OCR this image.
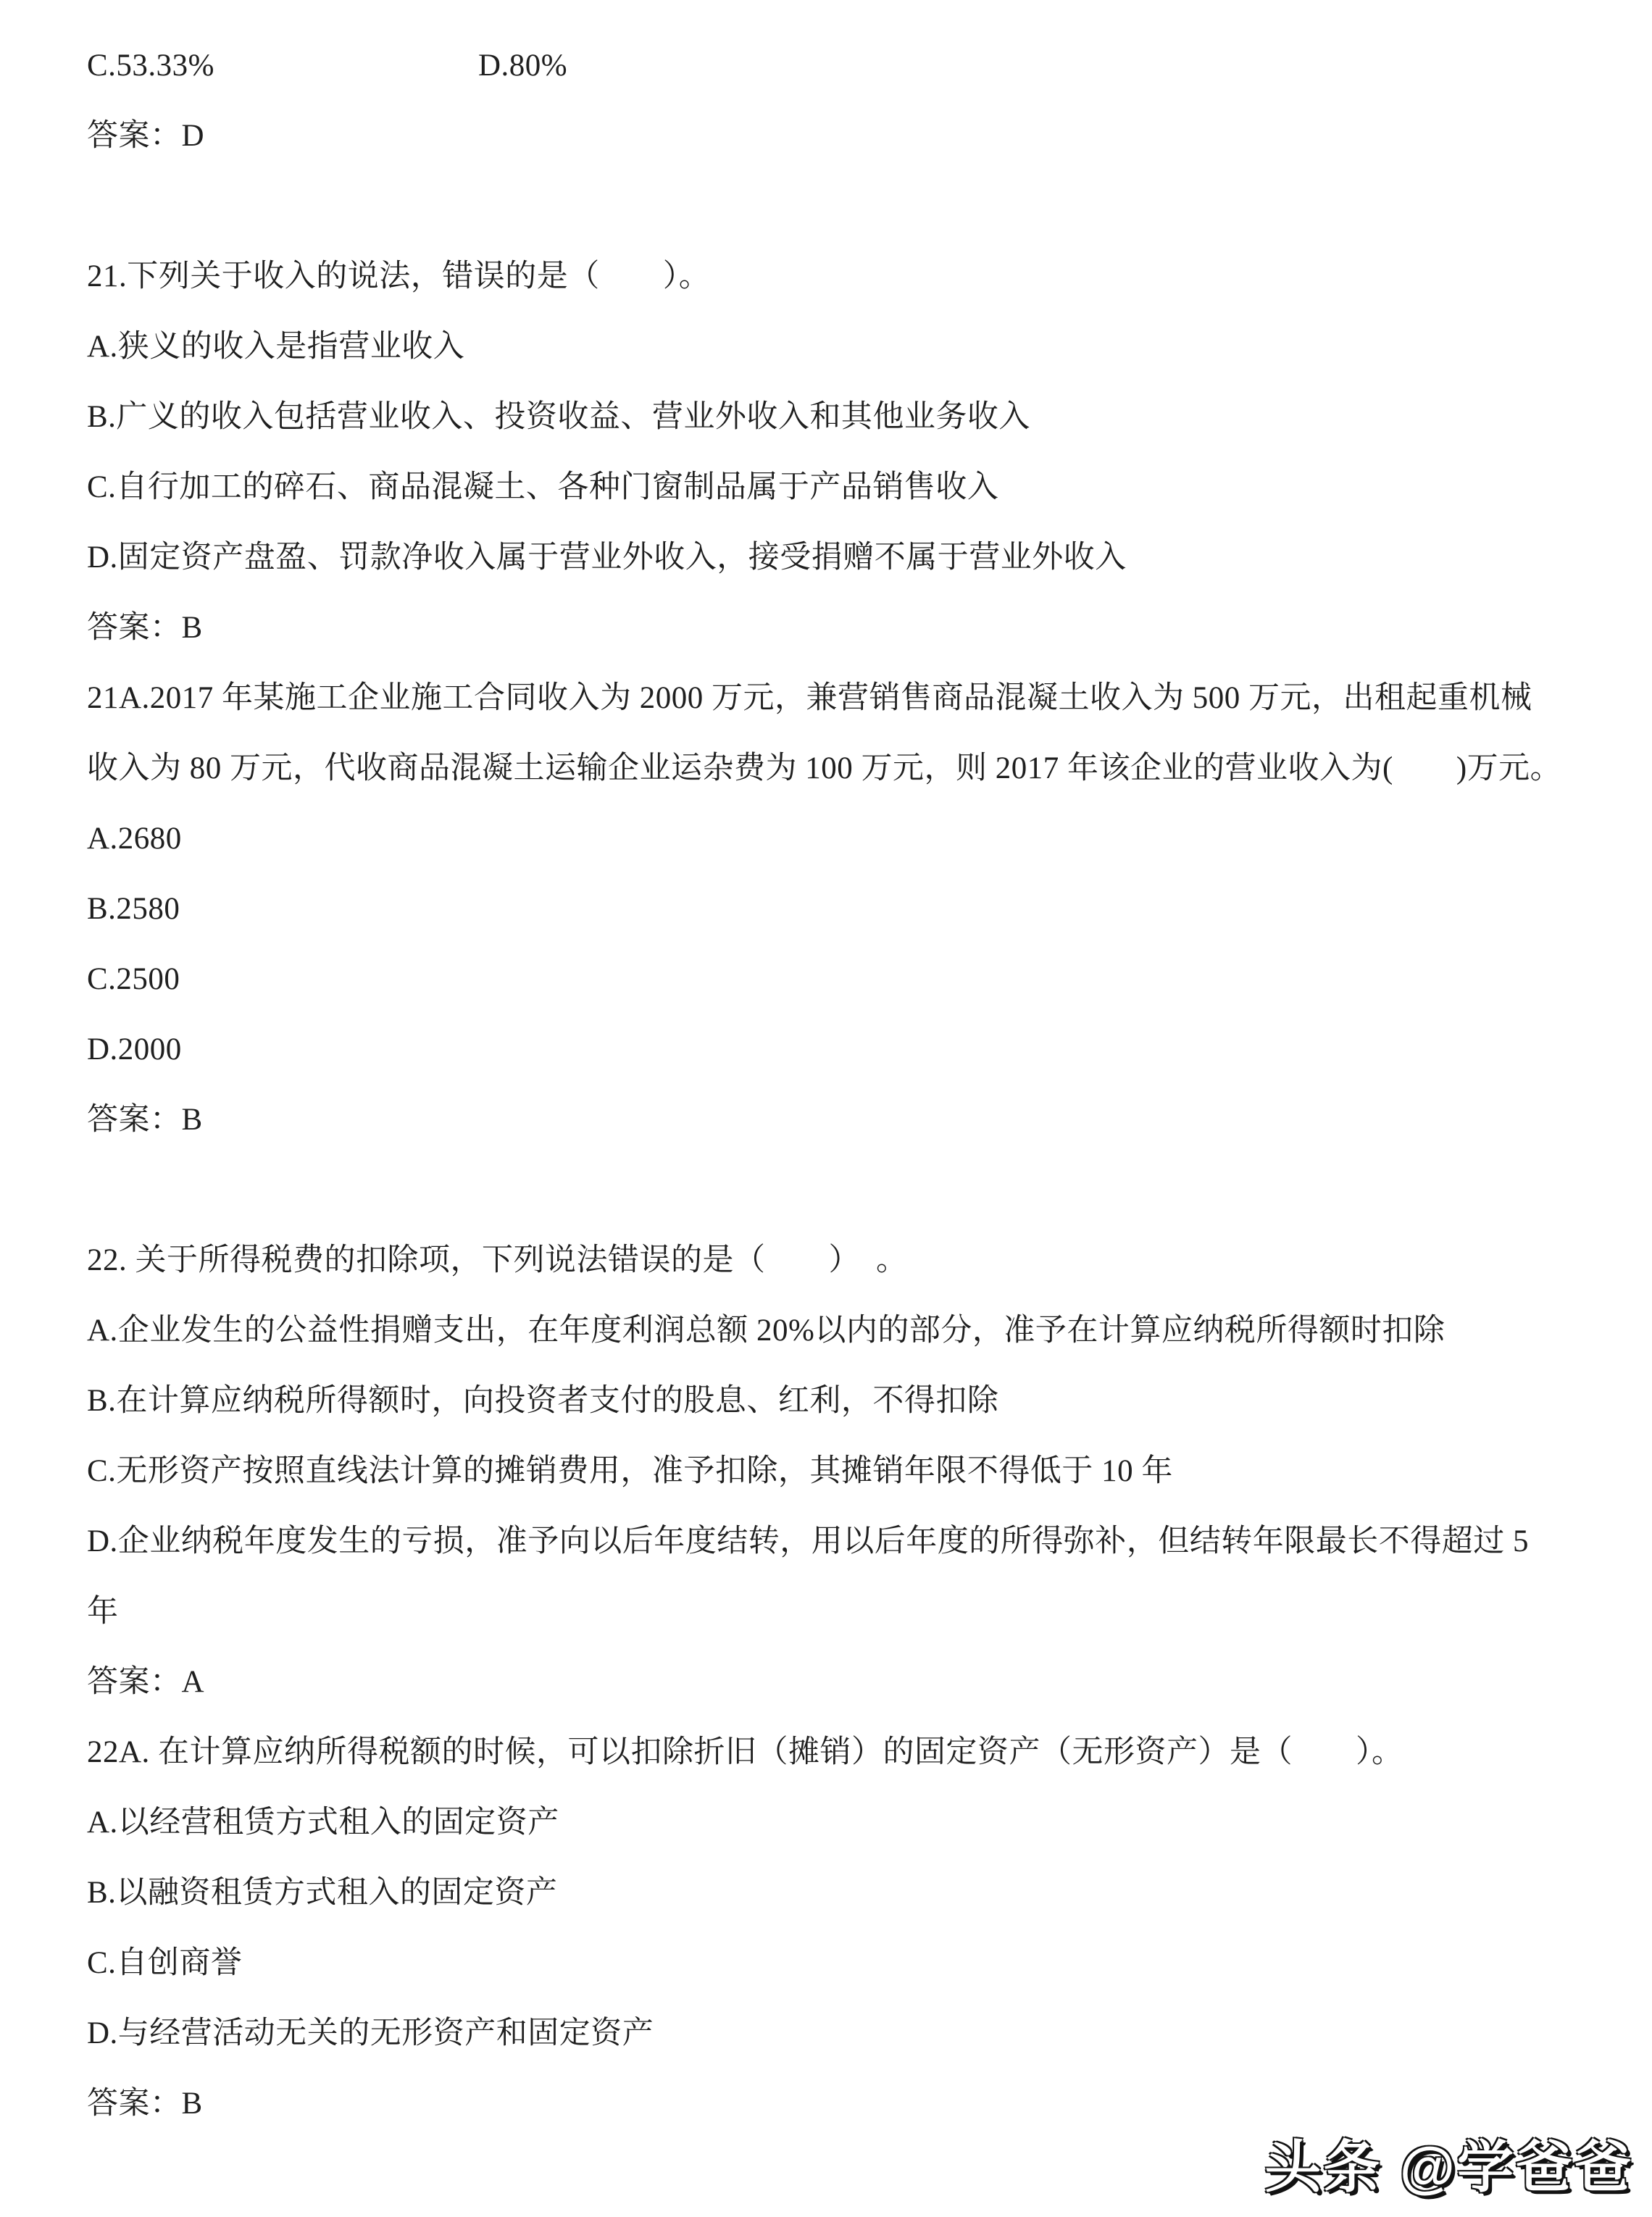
C.53.33%	D.80%

答案：D

21.下列关于收入的说法，错误的是（　　）。

A.狭义的收入是指营业收入

B.广义的收入包括营业收入、投资收益、营业外收入和其他业务收入

C.自行加工的碎石、商品混凝土、各种门窗制品属于产品销售收入

D.固定资产盘盈、罚款净收入属于营业外收入，接受捐赠不属于营业外收入

答案：B

21A.2017 年某施工企业施工合同收入为 2000 万元，兼营销售商品混凝土收入为 500 万元，出租起重机械

收入为 80 万元，代收商品混凝土运输企业运杂费为 100 万元，则 2017 年该企业的营业收入为(　　)万元。

A.2680

B.2580

C.2500

D.2000

答案：B

22. 关于所得税费的扣除项，下列说法错误的是（　　）　。

A.企业发生的公益性捐赠支出，在年度利润总额 20%以内的部分，准予在计算应纳税所得额时扣除

B.在计算应纳税所得额时，向投资者支付的股息、红利，不得扣除

C.无形资产按照直线法计算的摊销费用，准予扣除，其摊销年限不得低于 10 年

D.企业纳税年度发生的亏损，准予向以后年度结转，用以后年度的所得弥补，但结转年限最长不得超过 5

年

答案：A

22A. 在计算应纳所得税额的时候，可以扣除折旧（摊销）的固定资产（无形资产）是（　　）。

A.以经营租赁方式租入的固定资产

B.以融资租赁方式租入的固定资产

C.自创商誉

D.与经营活动无关的无形资产和固定资产

答案：B

头条 @学爸爸
